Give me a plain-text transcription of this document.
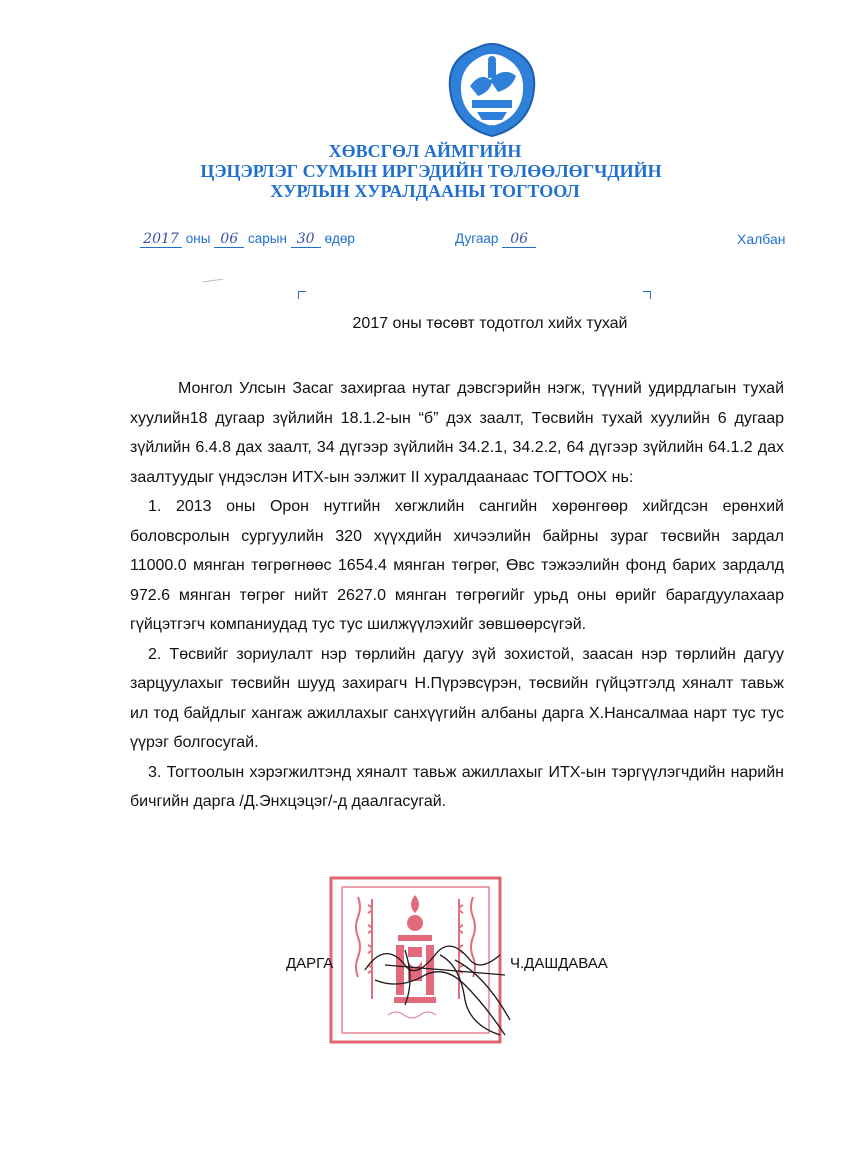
ХӨВСГӨЛ АЙМГИЙН
ЦЭЦЭРЛЭГ СУМЫН ИРГЭДИЙН ТӨЛӨӨЛӨГЧДИЙН
ХУРЛЫН ХУРАЛДААНЫ ТОГТООЛ
2017 оны 06 сарын 30 өдөр	Дугаар 06	Халбан
2017 оны төсөвт тодотгол хийх тухай

Монгол Улсын Засаг захиргаа нутаг дэвсгэрийн нэгж, түүний удирдлагын тухай хуулийн18 дугаар зүйлийн 18.1.2-ын “б” дэх заалт, Төсвийн тухай хуулийн 6 дугаар зүйлийн 6.4.8 дах заалт, 34 дүгээр зүйлийн 34.2.1, 34.2.2, 64 дүгээр зүйлийн 64.1.2 дах заалтуудыг үндэслэн ИТХ-ын ээлжит II хуралдаанаас ТОГТООХ нь:

1. 2013 оны Орон нутгийн хөгжлийн сангийн хөрөнгөөр хийгдсэн ерөнхий боловсролын сургуулийн 320 хүүхдийн хичээлийн байрны зураг төсвийн зардал 11000.0 мянган төгрөгнөөс 1654.4 мянган төгрөг, Өвс тэжээлийн фонд барих зардалд 972.6 мянган төгрөг нийт 2627.0 мянган төгрөгийг урьд оны өрийг барагдуулахаар гүйцэтгэгч компаниудад тус тус шилжүүлэхийг зөвшөөрсүгэй.

2. Төсвийг зориулалт нэр төрлийн дагуу зүй зохистой, заасан нэр төрлийн дагуу зарцуулахыг төсвийн шууд захирагч Н.Пүрэвсүрэн, төсвийн гүйцэтгэлд хяналт тавьж ил тод байдлыг хангаж ажиллахыг санхүүгийн албаны дарга Х.Нансалмаа нарт тус тус үүрэг болгосугай.

3. Тогтоолын хэрэгжилтэнд хяналт тавьж ажиллахыг ИТХ-ын тэргүүлэгчдийн нарийн бичгийн дарга /Д.Энхцэцэг/-д даалгасугай.

ДАРГА	Ч.ДАШДАВАА
